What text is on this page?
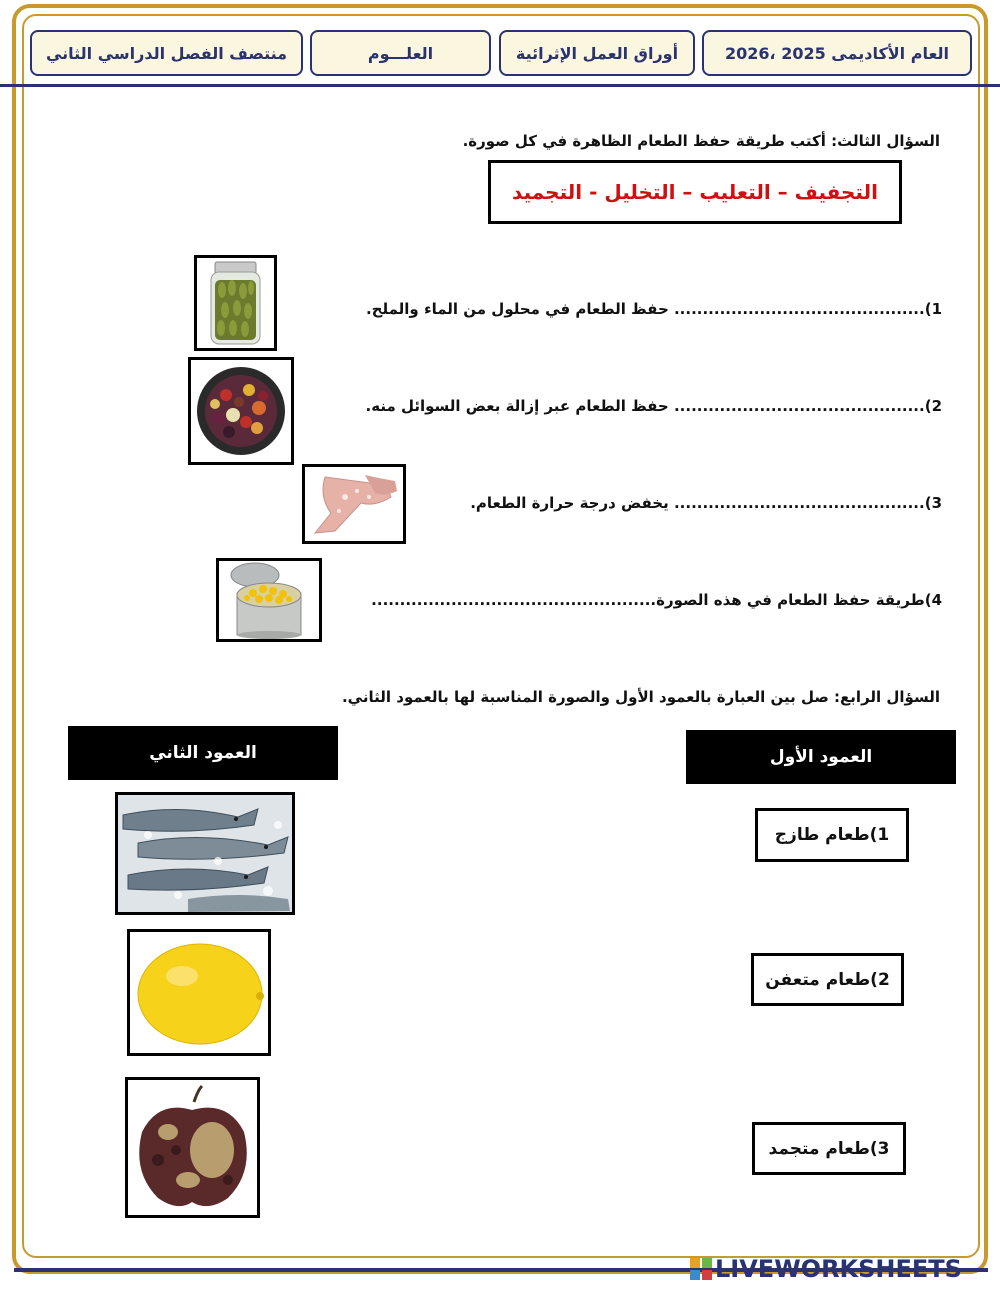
العام الأكاديمى 2025 ،2026
أوراق العمل الإثرائية
العلـــوم
منتصف الفصل الدراسي الثاني
السؤال الثالث: أكتب طريقة حفظ الطعام الظاهرة في كل صورة.
التجفيف – التعليب – التخليل - التجميد
1)............................................ حفظ الطعام في محلول من الماء والملح.
2)............................................ حفظ الطعام عبر إزالة بعض السوائل منه.
3)............................................ يخفض درجة حرارة الطعام.
4)طريقة حفظ الطعام في هذه الصورة..................................................
السؤال الرابع: صل بين العبارة بالعمود الأول والصورة المناسبة لها بالعمود الثاني.
العمود الأول
العمود الثاني
1)طعام طازج
2)طعام متعفن
3)طعام متجمد
LIVEWORKSHEETS
